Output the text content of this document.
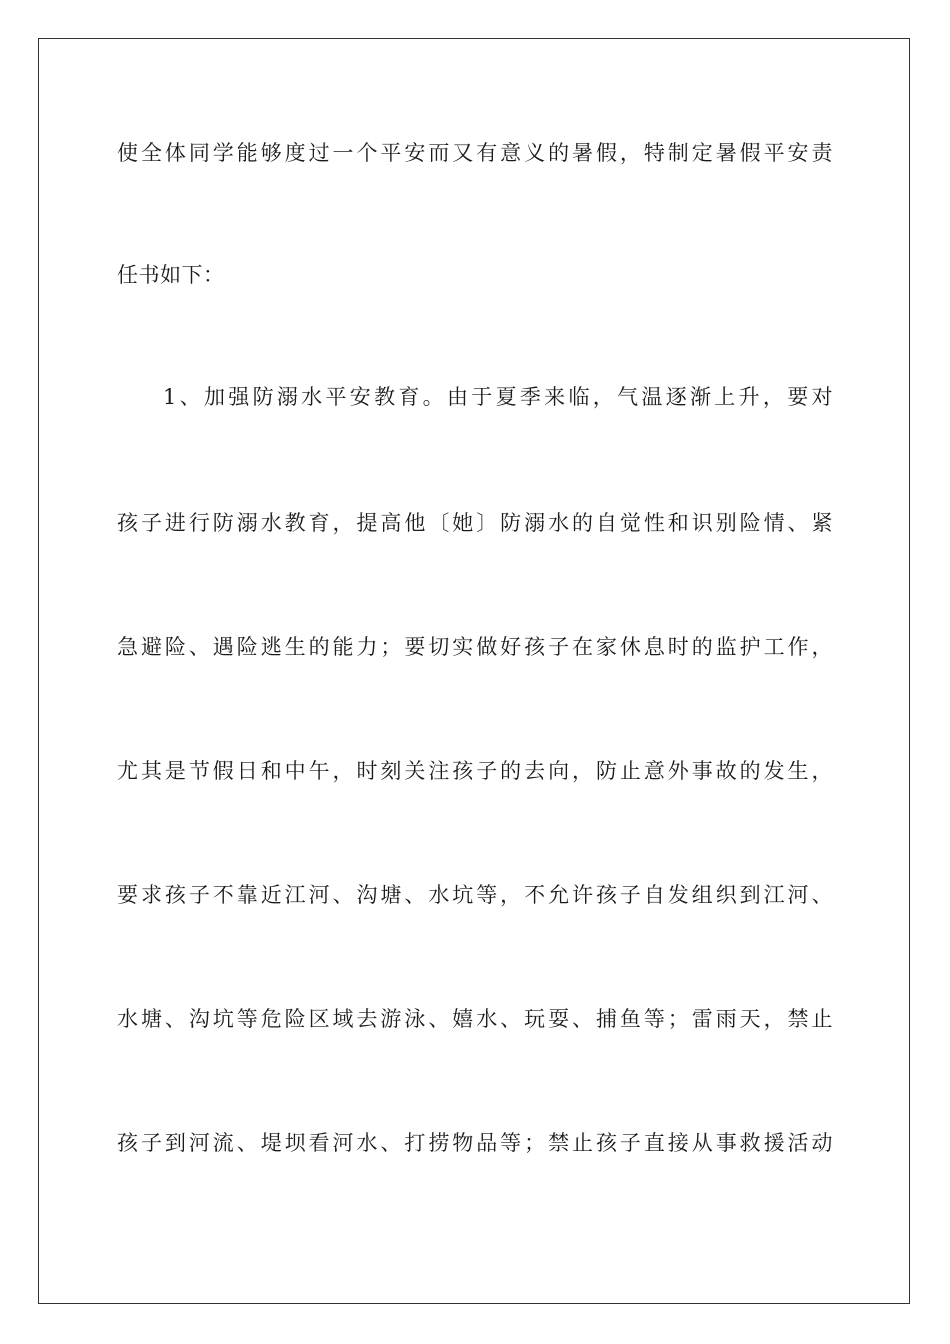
使全体同学能够度过一个平安而又有意义的暑假，特制定暑假平安责
任书如下：
1、加强防溺水平安教育。由于夏季来临，气温逐渐上升，要对
孩子进行防溺水教育，提高他〔她〕防溺水的自觉性和识别险情、紧
急避险、遇险逃生的能力；要切实做好孩子在家休息时的监护工作，
尤其是节假日和中午，时刻关注孩子的去向，防止意外事故的发生，
要求孩子不靠近江河、沟塘、水坑等，不允许孩子自发组织到江河、
水塘、沟坑等危险区域去游泳、嬉水、玩耍、捕鱼等；雷雨天，禁止
孩子到河流、堤坝看河水、打捞物品等；禁止孩子直接从事救援活动
